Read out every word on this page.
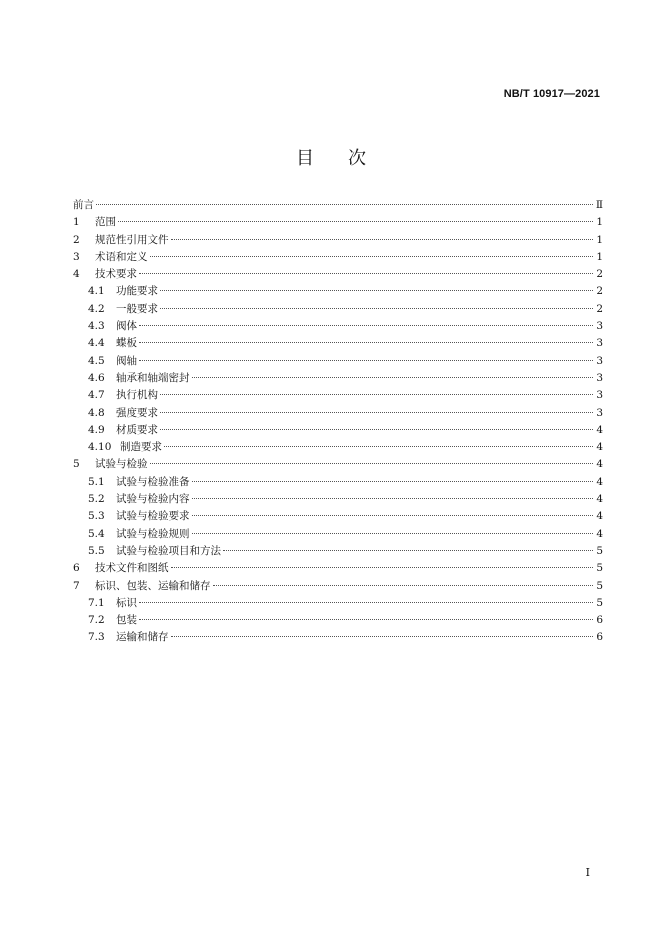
NB/T 10917—2021
目 次
前言	Ⅱ
1	范围	1
2	规范性引用文件	1
3	术语和定义	1
4	技术要求	2
4.1	功能要求	2
4.2	一般要求	2
4.3	阀体	3
4.4	蝶板	3
4.5	阀轴	3
4.6	轴承和轴端密封	3
4.7	执行机构	3
4.8	强度要求	3
4.9	材质要求	4
4.10 制造要求	4
5	试验与检验	4
5.1	试验与检验准备	4
5.2	试验与检验内容	4
5.3	试验与检验要求	4
5.4	试验与检验规则	4
5.5	试验与检验项目和方法	5
6	技术文件和图纸	5
7	标识、包装、运输和储存	5
7.1	标识	5
7.2	包装	6
7.3	运输和储存	6
I
